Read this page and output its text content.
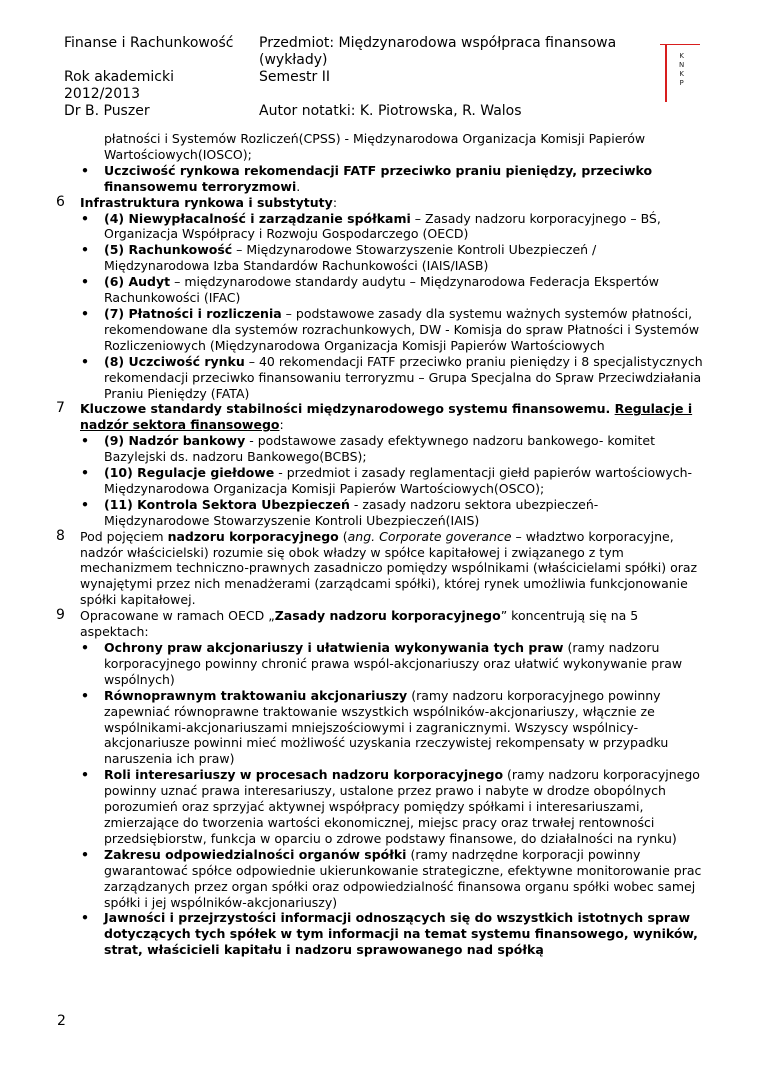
Finanse i Rachunkowość
Rok akademicki
2012/2013
Dr B. Puszer
Przedmiot: Międzynarodowa współpraca finansowa
(wykłady)
Semestr II
Autor notatki: K. Piotrowska, R. Walos
K
N
K
P
płatności i Systemów Rozliczeń(CPSS) - Międzynarodowa Organizacja Komisji Papierów Wartościowych(IOSCO);
• Uczciwość rynkowa rekomendacji FATF przeciwko praniu pieniędzy, przeciwko finansowemu terroryzmowi.
6 Infrastruktura rynkowa i substytuty:
• (4) Niewypłacalność i zarządzanie spółkami – Zasady nadzoru korporacyjnego – BŚ, Organizacja Współpracy i Rozwoju Gospodarczego (OECD)
• (5) Rachunkowość – Międzynarodowe Stowarzyszenie Kontroli Ubezpieczeń / Międzynarodowa Izba Standardów Rachunkowości (IAIS/IASB)
• (6) Audyt – międzynarodowe standardy audytu – Międzynarodowa Federacja Ekspertów Rachunkowości (IFAC)
• (7) Płatności i rozliczenia – podstawowe zasady dla systemu ważnych systemów płatności, rekomendowane dla systemów rozrachunkowych, DW - Komisja do spraw Płatności i Systemów Rozliczeniowych (Międzynarodowa Organizacja Komisji Papierów Wartościowych
• (8) Uczciwość rynku – 40 rekomendacji FATF przeciwko praniu pieniędzy i 8 specjalistycznych rekomendacji przeciwko finansowaniu terroryzmu – Grupa Specjalna do Spraw Przeciwdziałania Praniu Pieniędzy (FATA)
7 Kluczowe standardy stabilności międzynarodowego systemu finansowemu. Regulacje i nadzór sektora finansowego:
• (9) Nadzór bankowy - podstawowe zasady efektywnego nadzoru bankowego- komitet Bazylejski ds. nadzoru Bankowego(BCBS);
• (10) Regulacje giełdowe - przedmiot i zasady reglamentacji giełd papierów wartościowych- Międzynarodowa Organizacja Komisji Papierów Wartościowych(OSCO);
• (11) Kontrola Sektora Ubezpieczeń - zasady nadzoru sektora ubezpieczeń- Międzynarodowe Stowarzyszenie Kontroli Ubezpieczeń(IAIS)
8 Pod pojęciem nadzoru korporacyjnego (ang. Corporate goverance – władztwo korporacyjne, nadzór właścicielski) rozumie się obok władzy w spółce kapitałowej i związanego z tym mechanizmem techniczno-prawnych zasadniczo pomiędzy wspólnikami (właścicielami spółki) oraz wynajętymi przez nich menadżerami (zarządcami spółki), której rynek umożliwia funkcjonowanie spółki kapitałowej.
9 Opracowane w ramach OECD „Zasady nadzoru korporacyjnego” koncentrują się na 5 aspektach:
• Ochrony praw akcjonariuszy i ułatwienia wykonywania tych praw (ramy nadzoru korporacyjnego powinny chronić prawa wspól-akcjonariuszy oraz ułatwić wykonywanie praw wspólnych)
• Równoprawnym traktowaniu akcjonariuszy (ramy nadzoru korporacyjnego powinny zapewniać równoprawne traktowanie wszystkich wspólników-akcjonariuszy, włącznie ze wspólnikami-akcjonariuszami mniejszościowymi i zagranicznymi. Wszyscy wspólnicy-akcjonariusze powinni mieć możliwość uzyskania rzeczywistej rekompensaty w przypadku naruszenia ich praw)
• Roli interesariuszy w procesach nadzoru korporacyjnego (ramy nadzoru korporacyjnego powinny uznać prawa interesariuszy, ustalone przez prawo i nabyte w drodze obopólnych porozumień oraz sprzyjać aktywnej współpracy pomiędzy spółkami i interesariuszami, zmierzające do tworzenia wartości ekonomicznej, miejsc pracy oraz trwałej rentowności przedsiębiorstw, funkcja w oparciu o zdrowe podstawy finansowe, do działalności na rynku)
• Zakresu odpowiedzialności organów spółki (ramy nadrzędne korporacji powinny gwarantować spółce odpowiednie ukierunkowanie strategiczne, efektywne monitorowanie prac zarządzanych przez organ spółki oraz odpowiedzialność finansowa organu spółki wobec samej spółki i jej wspólników-akcjonariuszy)
• Jawności i przejrzystości informacji odnoszących się do wszystkich istotnych spraw dotyczących tych spółek w tym informacji na temat systemu finansowego, wyników, strat, właścicieli kapitału i nadzoru sprawowanego nad spółką
2
